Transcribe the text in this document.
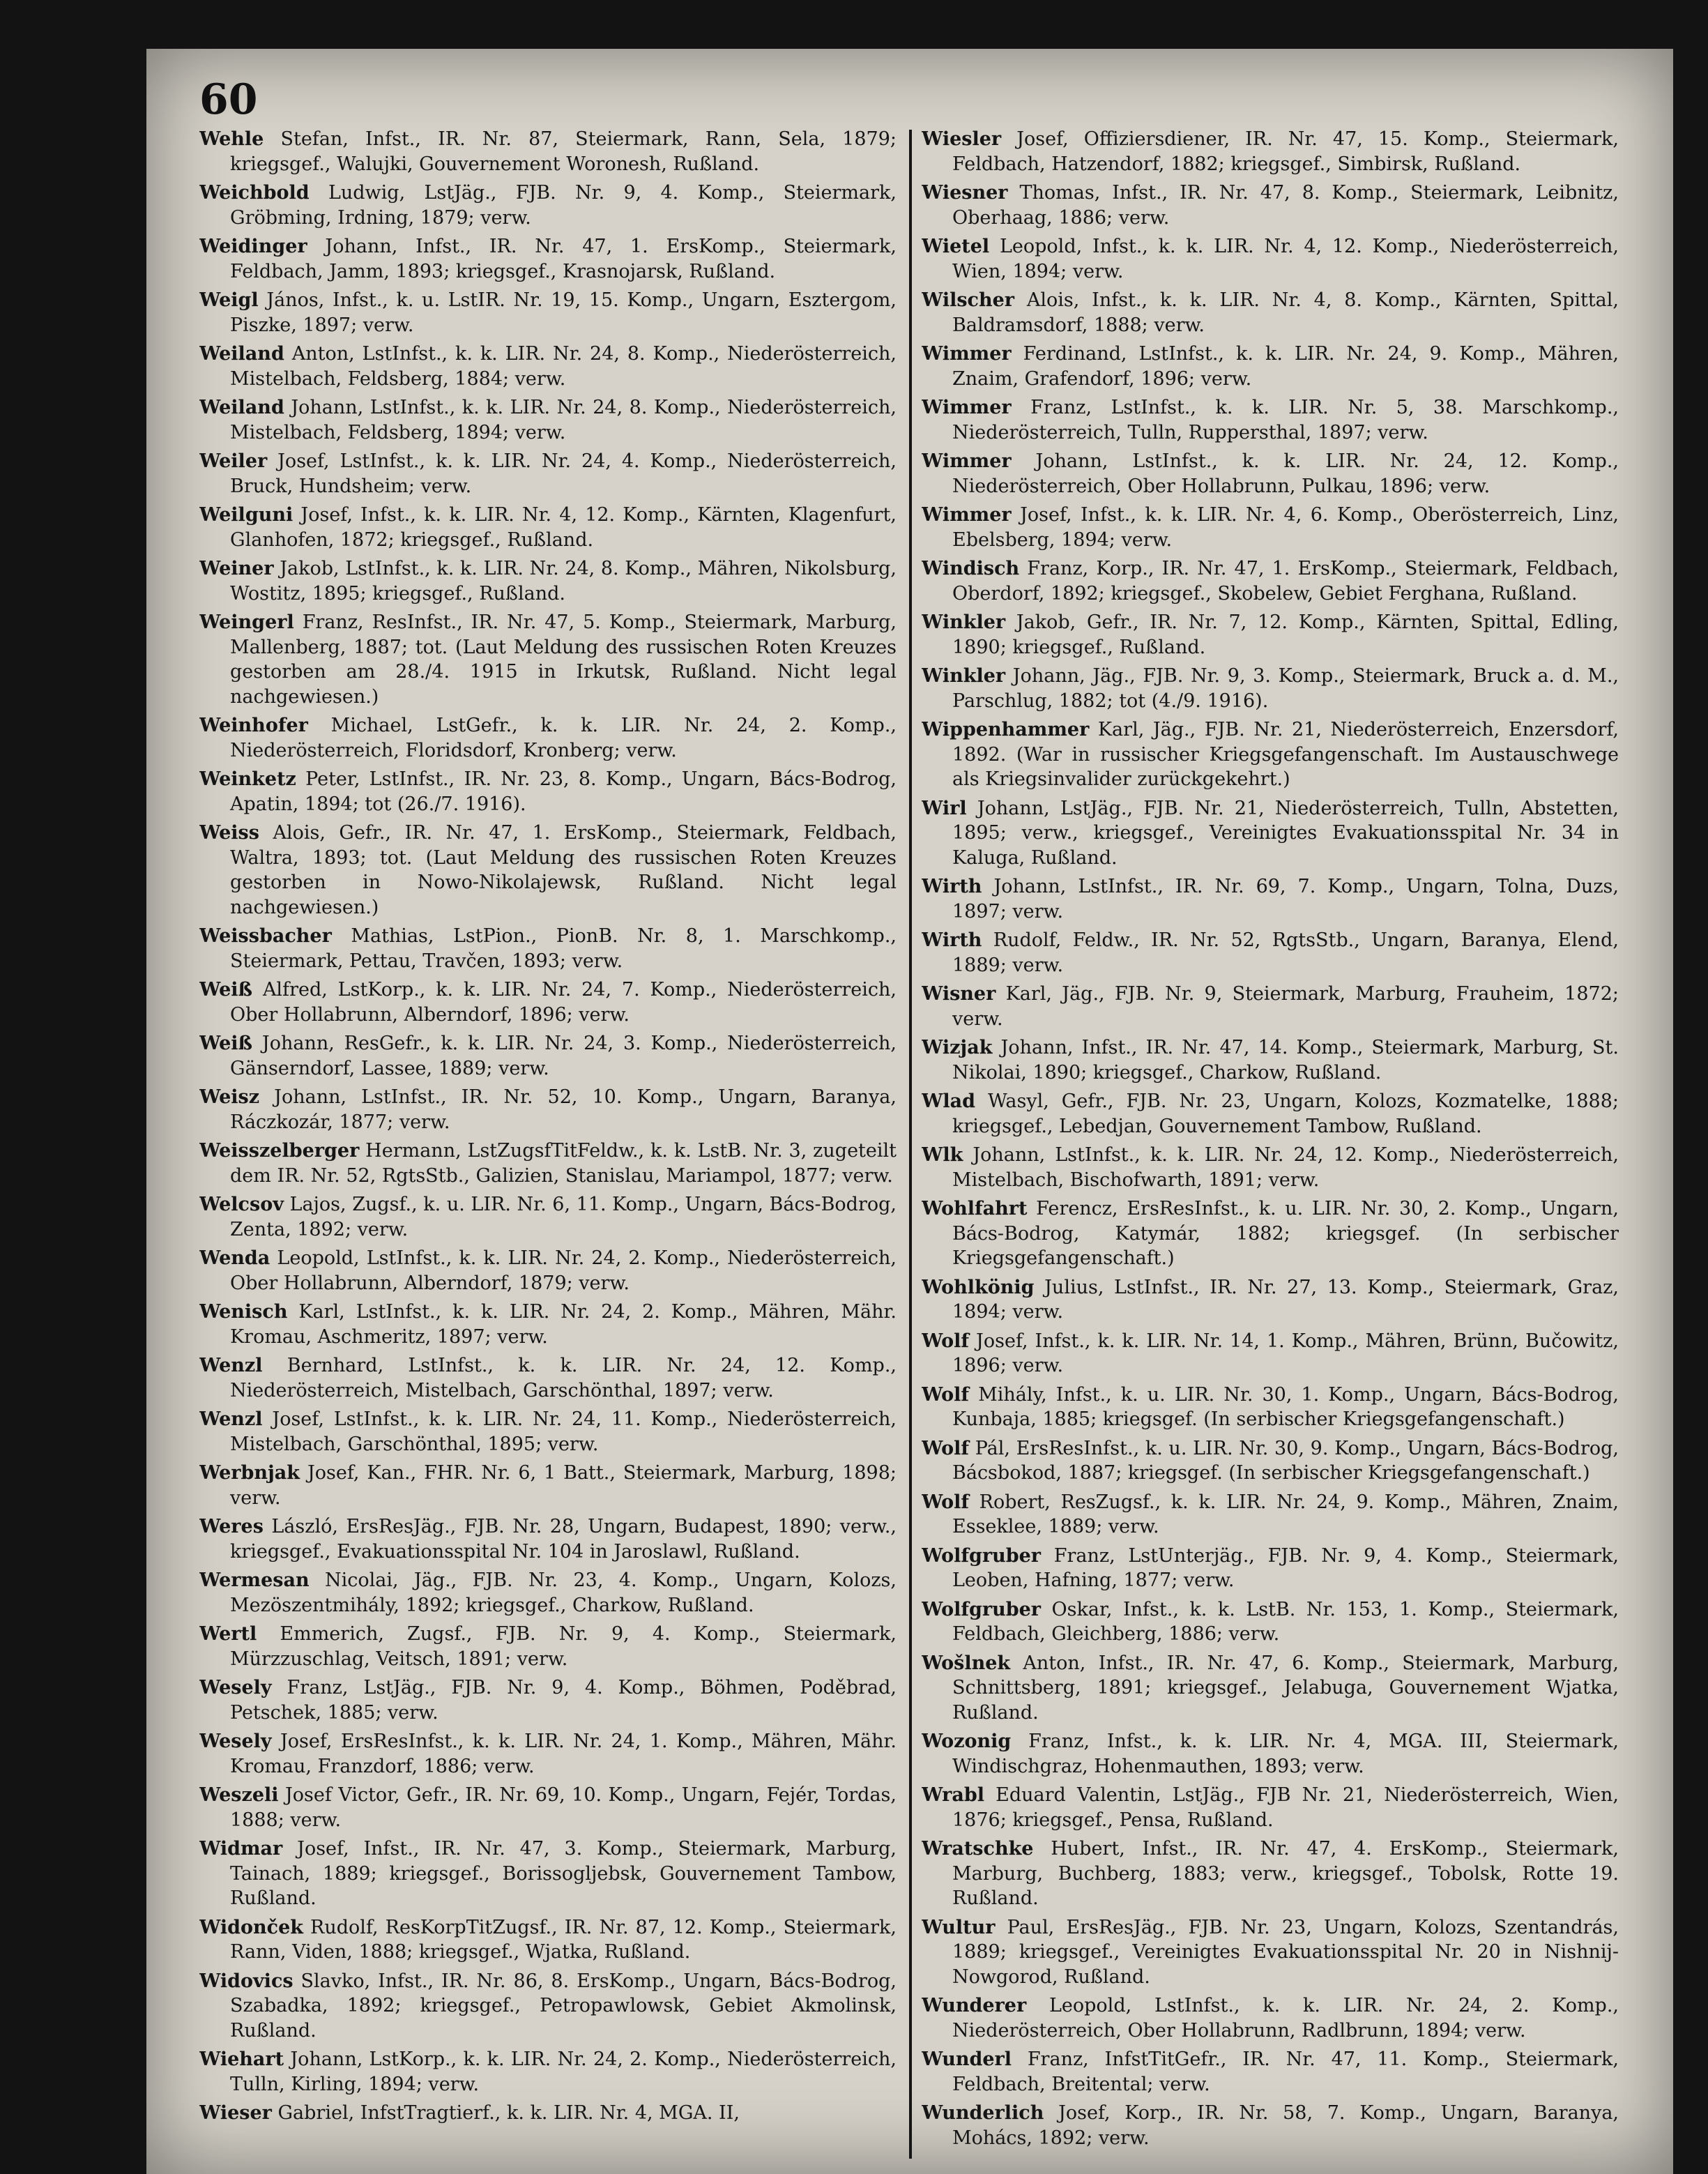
60

Wehle Stefan, Infst., IR. Nr. 87, Steiermark, Rann, Sela, 1879; kriegsgef., Walujki, Gouvernement Woronesh, Rußland.

Weichbold Ludwig, LstJäg., FJB. Nr. 9, 4. Komp., Steiermark, Gröbming, Irdning, 1879; verw.

Weidinger Johann, Infst., IR. Nr. 47, 1. ErsKomp., Steiermark, Feldbach, Jamm, 1893; kriegsgef., Krasnojarsk, Rußland.

Weigl János, Infst., k. u. LstIR. Nr. 19, 15. Komp., Ungarn, Esztergom, Piszke, 1897; verw.

Weiland Anton, LstInfst., k. k. LIR. Nr. 24, 8. Komp., Niederösterreich, Mistelbach, Feldsberg, 1884; verw.

Weiland Johann, LstInfst., k. k. LIR. Nr. 24, 8. Komp., Niederösterreich, Mistelbach, Feldsberg, 1894; verw.

Weiler Josef, LstInfst., k. k. LIR. Nr. 24, 4. Komp., Niederösterreich, Bruck, Hundsheim; verw.

Weilguni Josef, Infst., k. k. LIR. Nr. 4, 12. Komp., Kärnten, Klagenfurt, Glanhofen, 1872; kriegsgef., Rußland.

Weiner Jakob, LstInfst., k. k. LIR. Nr. 24, 8. Komp., Mähren, Nikolsburg, Wostitz, 1895; kriegsgef., Rußland.

Weingerl Franz, ResInfst., IR. Nr. 47, 5. Komp., Steiermark, Marburg, Mallenberg, 1887; tot. (Laut Meldung des russischen Roten Kreuzes gestorben am 28./4. 1915 in Irkutsk, Rußland. Nicht legal nachgewiesen.)

Weinhofer Michael, LstGefr., k. k. LIR. Nr. 24, 2. Komp., Niederösterreich, Floridsdorf, Kronberg; verw.

Weinketz Peter, LstInfst., IR. Nr. 23, 8. Komp., Ungarn, Bács-Bodrog, Apatin, 1894; tot (26./7. 1916).

Weiss Alois, Gefr., IR. Nr. 47, 1. ErsKomp., Steiermark, Feldbach, Waltra, 1893; tot. (Laut Meldung des russischen Roten Kreuzes gestorben in Nowo-Nikolajewsk, Rußland. Nicht legal nachgewiesen.)

Weissbacher Mathias, LstPion., PionB. Nr. 8, 1. Marschkomp., Steiermark, Pettau, Travčen, 1893; verw.

Weiß Alfred, LstKorp., k. k. LIR. Nr. 24, 7. Komp., Niederösterreich, Ober Hollabrunn, Alberndorf, 1896; verw.

Weiß Johann, ResGefr., k. k. LIR. Nr. 24, 3. Komp., Niederösterreich, Gänserndorf, Lassee, 1889; verw.

Weisz Johann, LstInfst., IR. Nr. 52, 10. Komp., Ungarn, Baranya, Ráczkozár, 1877; verw.

Weisszelberger Hermann, LstZugsfTitFeldw., k. k. LstB. Nr. 3, zugeteilt dem IR. Nr. 52, RgtsStb., Galizien, Stanislau, Mariampol, 1877; verw.

Welcsov Lajos, Zugsf., k. u. LIR. Nr. 6, 11. Komp., Ungarn, Bács-Bodrog, Zenta, 1892; verw.

Wenda Leopold, LstInfst., k. k. LIR. Nr. 24, 2. Komp., Niederösterreich, Ober Hollabrunn, Alberndorf, 1879; verw.

Wenisch Karl, LstInfst., k. k. LIR. Nr. 24, 2. Komp., Mähren, Mähr. Kromau, Aschmeritz, 1897; verw.

Wenzl Bernhard, LstInfst., k. k. LIR. Nr. 24, 12. Komp., Niederösterreich, Mistelbach, Garschönthal, 1897; verw.

Wenzl Josef, LstInfst., k. k. LIR. Nr. 24, 11. Komp., Niederösterreich, Mistelbach, Garschönthal, 1895; verw.

Werbnjak Josef, Kan., FHR. Nr. 6, 1 Batt., Steiermark, Marburg, 1898; verw.

Weres László, ErsResJäg., FJB. Nr. 28, Ungarn, Budapest, 1890; verw., kriegsgef., Evakuationsspital Nr. 104 in Jaroslawl, Rußland.

Wermesan Nicolai, Jäg., FJB. Nr. 23, 4. Komp., Ungarn, Kolozs, Mezöszentmihály, 1892; kriegsgef., Charkow, Rußland.

Wertl Emmerich, Zugsf., FJB. Nr. 9, 4. Komp., Steiermark, Mürzzuschlag, Veitsch, 1891; verw.

Wesely Franz, LstJäg., FJB. Nr. 9, 4. Komp., Böhmen, Poděbrad, Petschek, 1885; verw.

Wesely Josef, ErsResInfst., k. k. LIR. Nr. 24, 1. Komp., Mähren, Mähr. Kromau, Franzdorf, 1886; verw.

Weszeli Josef Victor, Gefr., IR. Nr. 69, 10. Komp., Ungarn, Fejér, Tordas, 1888; verw.

Widmar Josef, Infst., IR. Nr. 47, 3. Komp., Steiermark, Marburg, Tainach, 1889; kriegsgef., Borissogljebsk, Gouvernement Tambow, Rußland.

Widonček Rudolf, ResKorpTitZugsf., IR. Nr. 87, 12. Komp., Steiermark, Rann, Viden, 1888; kriegsgef., Wjatka, Rußland.

Widovics Slavko, Infst., IR. Nr. 86, 8. ErsKomp., Ungarn, Bács-Bodrog, Szabadka, 1892; kriegsgef., Petropawlowsk, Gebiet Akmolinsk, Rußland.

Wiehart Johann, LstKorp., k. k. LIR. Nr. 24, 2. Komp., Niederösterreich, Tulln, Kirling, 1894; verw.

Wieser Gabriel, InfstTragtierf., k. k. LIR. Nr. 4, MGA. II,

Wiesler Josef, Offiziersdiener, IR. Nr. 47, 15. Komp., Steiermark, Feldbach, Hatzendorf, 1882; kriegsgef., Simbirsk, Rußland.

Wiesner Thomas, Infst., IR. Nr. 47, 8. Komp., Steiermark, Leibnitz, Oberhaag, 1886; verw.

Wietel Leopold, Infst., k. k. LIR. Nr. 4, 12. Komp., Niederösterreich, Wien, 1894; verw.

Wilscher Alois, Infst., k. k. LIR. Nr. 4, 8. Komp., Kärnten, Spittal, Baldramsdorf, 1888; verw.

Wimmer Ferdinand, LstInfst., k. k. LIR. Nr. 24, 9. Komp., Mähren, Znaim, Grafendorf, 1896; verw.

Wimmer Franz, LstInfst., k. k. LIR. Nr. 5, 38. Marschkomp., Niederösterreich, Tulln, Ruppersthal, 1897; verw.

Wimmer Johann, LstInfst., k. k. LIR. Nr. 24, 12. Komp., Niederösterreich, Ober Hollabrunn, Pulkau, 1896; verw.

Wimmer Josef, Infst., k. k. LIR. Nr. 4, 6. Komp., Oberösterreich, Linz, Ebelsberg, 1894; verw.

Windisch Franz, Korp., IR. Nr. 47, 1. ErsKomp., Steiermark, Feldbach, Oberdorf, 1892; kriegsgef., Skobelew, Gebiet Ferghana, Rußland.

Winkler Jakob, Gefr., IR. Nr. 7, 12. Komp., Kärnten, Spittal, Edling, 1890; kriegsgef., Rußland.

Winkler Johann, Jäg., FJB. Nr. 9, 3. Komp., Steiermark, Bruck a. d. M., Parschlug, 1882; tot (4./9. 1916).

Wippenhammer Karl, Jäg., FJB. Nr. 21, Niederösterreich, Enzersdorf, 1892. (War in russischer Kriegsgefangenschaft. Im Austauschwege als Kriegsinvalider zurückgekehrt.)

Wirl Johann, LstJäg., FJB. Nr. 21, Niederösterreich, Tulln, Abstetten, 1895; verw., kriegsgef., Vereinigtes Evakuationsspital Nr. 34 in Kaluga, Rußland.

Wirth Johann, LstInfst., IR. Nr. 69, 7. Komp., Ungarn, Tolna, Duzs, 1897; verw.

Wirth Rudolf, Feldw., IR. Nr. 52, RgtsStb., Ungarn, Baranya, Elend, 1889; verw.

Wisner Karl, Jäg., FJB. Nr. 9, Steiermark, Marburg, Frauheim, 1872; verw.

Wizjak Johann, Infst., IR. Nr. 47, 14. Komp., Steiermark, Marburg, St. Nikolai, 1890; kriegsgef., Charkow, Rußland.

Wlad Wasyl, Gefr., FJB. Nr. 23, Ungarn, Kolozs, Kozmatelke, 1888; kriegsgef., Lebedjan, Gouvernement Tambow, Rußland.

Wlk Johann, LstInfst., k. k. LIR. Nr. 24, 12. Komp., Niederösterreich, Mistelbach, Bischofwarth, 1891; verw.

Wohlfahrt Ferencz, ErsResInfst., k. u. LIR. Nr. 30, 2. Komp., Ungarn, Bács-Bodrog, Katymár, 1882; kriegsgef. (In serbischer Kriegsgefangenschaft.)

Wohlkönig Julius, LstInfst., IR. Nr. 27, 13. Komp., Steiermark, Graz, 1894; verw.

Wolf Josef, Infst., k. k. LIR. Nr. 14, 1. Komp., Mähren, Brünn, Bučowitz, 1896; verw.

Wolf Mihály, Infst., k. u. LIR. Nr. 30, 1. Komp., Ungarn, Bács-Bodrog, Kunbaja, 1885; kriegsgef. (In serbischer Kriegsgefangenschaft.)

Wolf Pál, ErsResInfst., k. u. LIR. Nr. 30, 9. Komp., Ungarn, Bács-Bodrog, Bácsbokod, 1887; kriegsgef. (In serbischer Kriegsgefangenschaft.)

Wolf Robert, ResZugsf., k. k. LIR. Nr. 24, 9. Komp., Mähren, Znaim, Esseklee, 1889; verw.

Wolfgruber Franz, LstUnterjäg., FJB. Nr. 9, 4. Komp., Steiermark, Leoben, Hafning, 1877; verw.

Wolfgruber Oskar, Infst., k. k. LstB. Nr. 153, 1. Komp., Steiermark, Feldbach, Gleichberg, 1886; verw.

Wošlnek Anton, Infst., IR. Nr. 47, 6. Komp., Steiermark, Marburg, Schnittsberg, 1891; kriegsgef., Jelabuga, Gouvernement Wjatka, Rußland.

Wozonig Franz, Infst., k. k. LIR. Nr. 4, MGA. III, Steiermark, Windischgraz, Hohenmauthen, 1893; verw.

Wrabl Eduard Valentin, LstJäg., FJB Nr. 21, Niederösterreich, Wien, 1876; kriegsgef., Pensa, Rußland.

Wratschke Hubert, Infst., IR. Nr. 47, 4. ErsKomp., Steiermark, Marburg, Buchberg, 1883; verw., kriegsgef., Tobolsk, Rotte 19. Rußland.

Wultur Paul, ErsResJäg., FJB. Nr. 23, Ungarn, Kolozs, Szentandrás, 1889; kriegsgef., Vereinigtes Evakuationsspital Nr. 20 in Nishnij-Nowgorod, Rußland.

Wunderer Leopold, LstInfst., k. k. LIR. Nr. 24, 2. Komp., Niederösterreich, Ober Hollabrunn, Radlbrunn, 1894; verw.

Wunderl Franz, InfstTitGefr., IR. Nr. 47, 11. Komp., Steiermark, Feldbach, Breitental; verw.

Wunderlich Josef, Korp., IR. Nr. 58, 7. Komp., Ungarn, Baranya, Mohács, 1892; verw.
